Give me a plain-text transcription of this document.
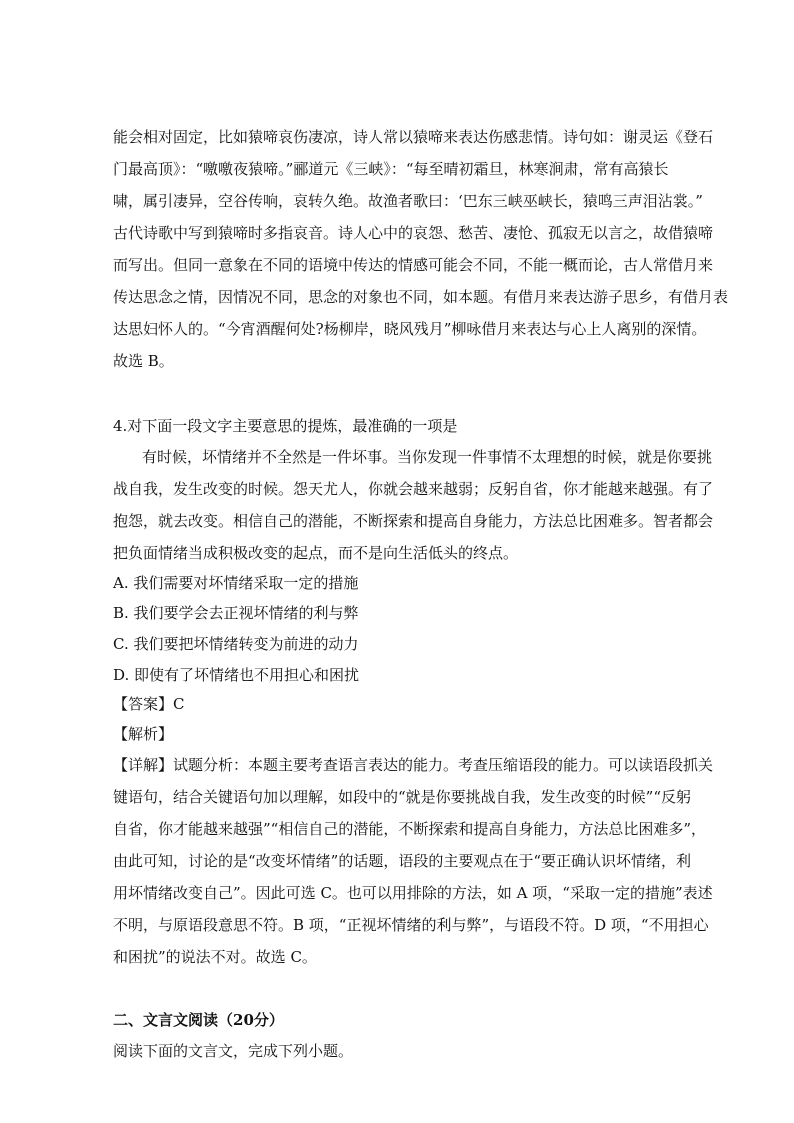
能会相对固定，比如猿啼哀伤凄凉，诗人常以猿啼来表达伤感悲情。诗句如：谢灵运《登石
门最高顶》：“噭噭夜猿啼。”郦道元《三峡》：“每至晴初霜旦，林寒涧肃，常有高猿长
啸，属引凄异，空谷传响，哀转久绝。故渔者歌曰：‘巴东三峡巫峡长，猿鸣三声泪沾裳。”
古代诗歌中写到猿啼时多指哀音。诗人心中的哀怨、愁苦、凄怆、孤寂无以言之，故借猿啼
而写出。但同一意象在不同的语境中传达的情感可能会不同，不能一概而论，古人常借月来
传达思念之情，因情况不同，思念的对象也不同，如本题。有借月来表达游子思乡，有借月表
达思妇怀人的。“今宵酒醒何处?杨柳岸，晓风残月”柳咏借月来表达与心上人离别的深情。
故选 B。
4.对下面一段文字主要意思的提炼，最准确的一项是
有时候，坏情绪并不全然是一件坏事。当你发现一件事情不太理想的时候，就是你要挑
战自我，发生改变的时候。怨天尤人，你就会越来越弱；反躬自省，你才能越来越强。有了
抱怨，就去改变。相信自己的潜能，不断探索和提高自身能力，方法总比困难多。智者都会
把负面情绪当成积极改变的起点，而不是向生活低头的终点。
A. 我们需要对坏情绪采取一定的措施
B. 我们要学会去正视坏情绪的利与弊
C. 我们要把坏情绪转变为前进的动力
D. 即使有了坏情绪也不用担心和困扰
【答案】C
【解析】
【详解】试题分析：本题主要考查语言表达的能力。考查压缩语段的能力。可以读语段抓关
键语句，结合关键语句加以理解，如段中的“就是你要挑战自我，发生改变的时候”“反躬
自省，你才能越来越强”“相信自己的潜能，不断探索和提高自身能力，方法总比困难多”，
由此可知，讨论的是“改变坏情绪”的话题，语段的主要观点在于“要正确认识坏情绪，利
用坏情绪改变自己”。因此可选 C。也可以用排除的方法，如 A 项，“采取一定的措施”表述
不明，与原语段意思不符。B 项，“正视坏情绪的利与弊”，与语段不符。D 项，“不用担心
和困扰”的说法不对。故选 C。
二、文言文阅读（20分）
阅读下面的文言文，完成下列小题。
